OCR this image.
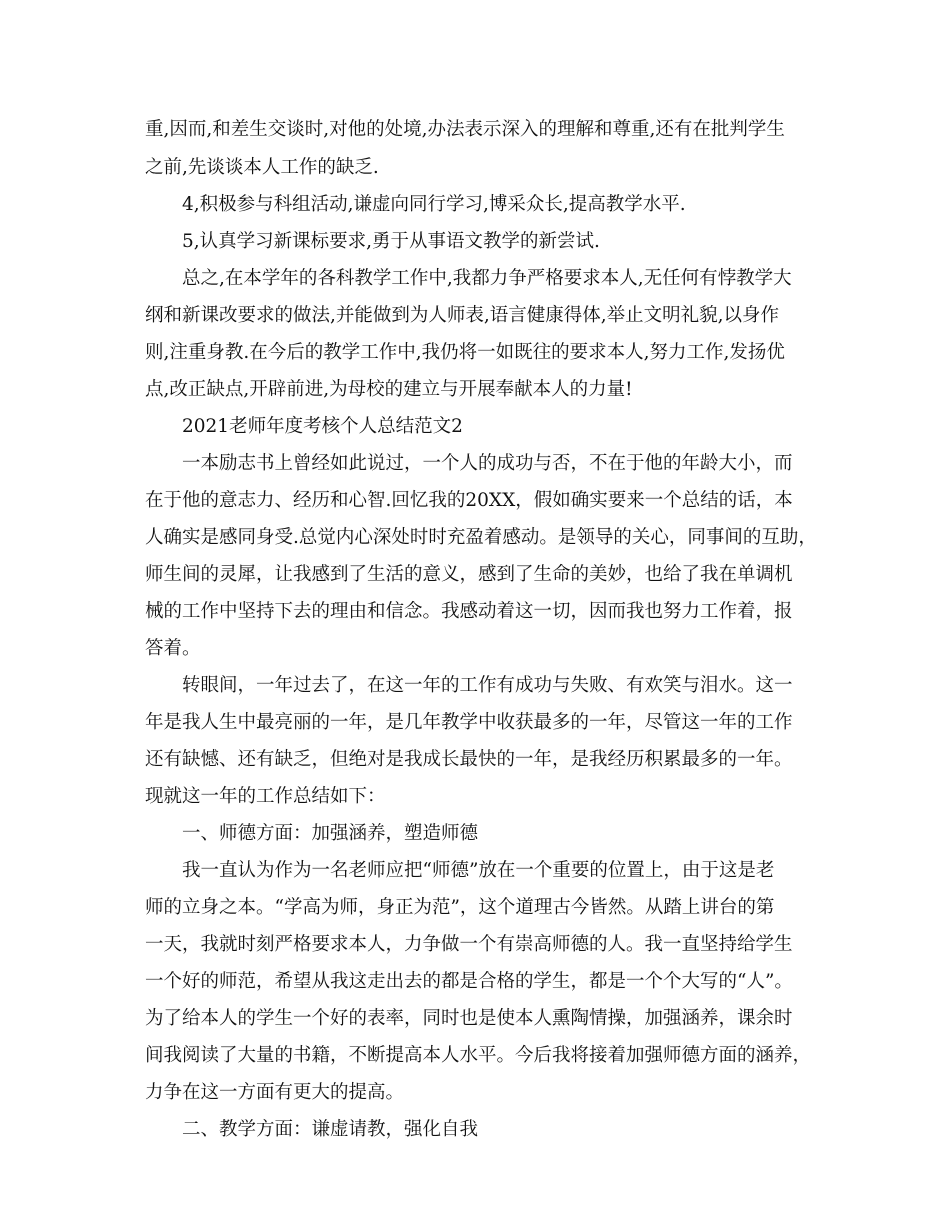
重,因而,和差生交谈时,对他的处境,办法表示深入的理解和尊重,还有在批判学生
之前,先谈谈本人工作的缺乏.
4,积极参与科组活动,谦虚向同行学习,博采众长,提高教学水平.
5,认真学习新课标要求,勇于从事语文教学的新尝试.
总之,在本学年的各科教学工作中,我都力争严格要求本人,无任何有悖教学大
纲和新课改要求的做法,并能做到为人师表,语言健康得体,举止文明礼貌,以身作
则,注重身教.在今后的教学工作中,我仍将一如既往的要求本人,努力工作,发扬优
点,改正缺点,开辟前进,为母校的建立与开展奉献本人的力量!
2021老师年度考核个人总结范文2
一本励志书上曾经如此说过，一个人的成功与否，不在于他的年龄大小，而
在于他的意志力、经历和心智.回忆我的20XX，假如确实要来一个总结的话，本
人确实是感同身受.总觉内心深处时时充盈着感动。是领导的关心，同事间的互助，
师生间的灵犀，让我感到了生活的意义，感到了生命的美妙，也给了我在单调机
械的工作中坚持下去的理由和信念。我感动着这一切，因而我也努力工作着，报
答着。
转眼间，一年过去了，在这一年的工作有成功与失败、有欢笑与泪水。这一
年是我人生中最亮丽的一年，是几年教学中收获最多的一年，尽管这一年的工作
还有缺憾、还有缺乏，但绝对是我成长最快的一年，是我经历积累最多的一年。
现就这一年的工作总结如下：
一、师德方面：加强涵养，塑造师德
我一直认为作为一名老师应把“师德”放在一个重要的位置上，由于这是老
师的立身之本。“学高为师，身正为范”，这个道理古今皆然。从踏上讲台的第
一天，我就时刻严格要求本人，力争做一个有崇高师德的人。我一直坚持给学生
一个好的师范，希望从我这走出去的都是合格的学生，都是一个个大写的“人”。
为了给本人的学生一个好的表率，同时也是使本人熏陶情操，加强涵养，课余时
间我阅读了大量的书籍，不断提高本人水平。今后我将接着加强师德方面的涵养，
力争在这一方面有更大的提高。
二、教学方面：谦虚请教，强化自我
